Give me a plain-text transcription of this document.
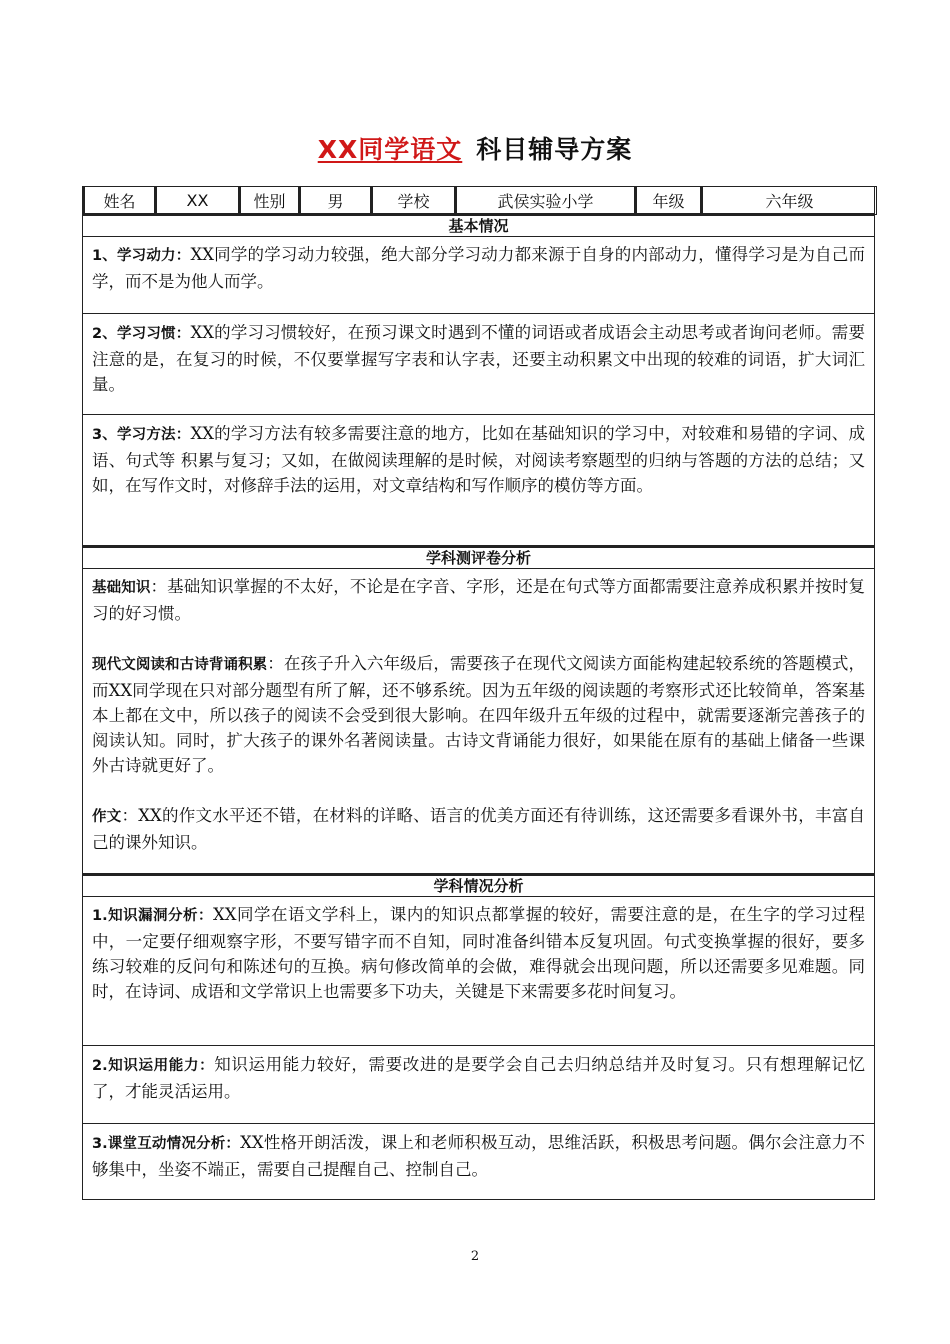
XX同学语文 科目辅导方案
姓名	XX	性别	男	学校	武侯实验小学	年级	六年级
基本情况
1、学习动力：XX同学的学习动力较强，绝大部分学习动力都来源于自身的内部动力，懂得学习是为自己而学，而不是为他人而学。
2、学习习惯：XX的学习习惯较好，在预习课文时遇到不懂的词语或者成语会主动思考或者询问老师。需要注意的是，在复习的时候，不仅要掌握写字表和认字表，还要主动积累文中出现的较难的词语，扩大词汇量。
3、学习方法：XX的学习方法有较多需要注意的地方，比如在基础知识的学习中，对较难和易错的字词、成语、句式等 积累与复习；又如，在做阅读理解的是时候，对阅读考察题型的归纳与答题的方法的总结；又如，在写作文时，对修辞手法的运用，对文章结构和写作顺序的模仿等方面。
学科测评卷分析
基础知识：基础知识掌握的不太好，不论是在字音、字形，还是在句式等方面都需要注意养成积累并按时复习的好习惯。
现代文阅读和古诗背诵积累：在孩子升入六年级后，需要孩子在现代文阅读方面能构建起较系统的答题模式，而XX同学现在只对部分题型有所了解，还不够系统。因为五年级的阅读题的考察形式还比较简单，答案基本上都在文中，所以孩子的阅读不会受到很大影响。在四年级升五年级的过程中，就需要逐渐完善孩子的阅读认知。同时，扩大孩子的课外名著阅读量。古诗文背诵能力很好，如果能在原有的基础上储备一些课外古诗就更好了。
作文：XX的作文水平还不错，在材料的详略、语言的优美方面还有待训练，这还需要多看课外书，丰富自己的课外知识。
学科情况分析
1.知识漏洞分析：XX同学在语文学科上，课内的知识点都掌握的较好，需要注意的是，在生字的学习过程中，一定要仔细观察字形，不要写错字而不自知，同时准备纠错本反复巩固。句式变换掌握的很好，要多练习较难的反问句和陈述句的互换。病句修改简单的会做，难得就会出现问题，所以还需要多见难题。同时，在诗词、成语和文学常识上也需要多下功夫，关键是下来需要多花时间复习。
2.知识运用能力：知识运用能力较好，需要改进的是要学会自己去归纳总结并及时复习。只有想理解记忆了，才能灵活运用。
3.课堂互动情况分析：XX性格开朗活泼，课上和老师积极互动，思维活跃，积极思考问题。偶尔会注意力不够集中，坐姿不端正，需要自己提醒自己、控制自己。
2
